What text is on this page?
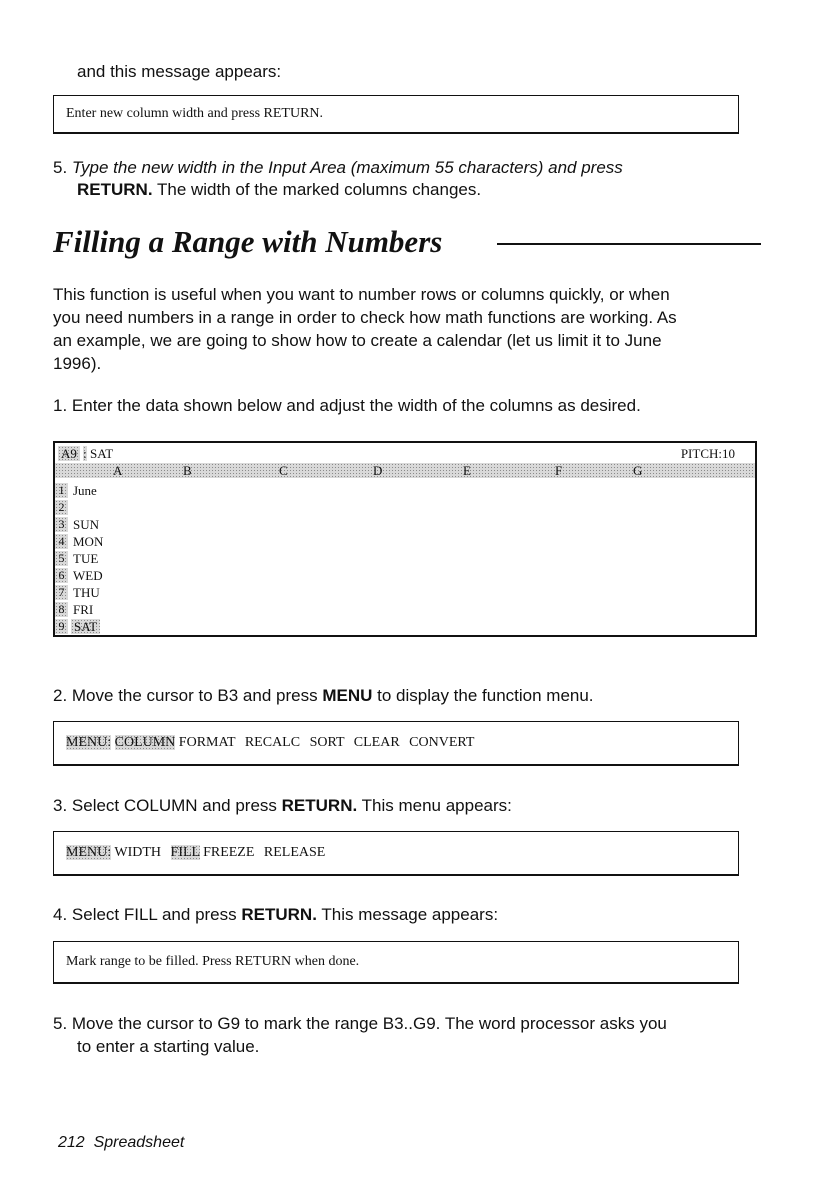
and this message appears:
Enter new column width and press RETURN.
5. Type the new width in the Input Area (maximum 55 characters) and press
RETURN. The width of the marked columns changes.
Filling a Range with Numbers
This function is useful when you want to number rows or columns quickly, or when
you need numbers in a range in order to check how math functions are working. As
an example, we are going to show how to create a calendar (let us limit it to June
1996).
1. Enter the data shown below and adjust the width of the columns as desired.
A9 : SAT	PITCH:10
A	B	C	D	E	F	G
1 June
2
3 SUN
4 MON
5 TUE
6 WED
7 THU
8 FRI
9 SAT
2. Move the cursor to B3 and press MENU to display the function menu.
MENU: COLUMN FORMAT RECALC SORT CLEAR CONVERT
3. Select COLUMN and press RETURN. This menu appears:
MENU: WIDTH FILL FREEZE RELEASE
4. Select FILL and press RETURN. This message appears:
Mark range to be filled. Press RETURN when done.
5. Move the cursor to G9 to mark the range B3..G9. The word processor asks you
to enter a starting value.
212  Spreadsheet
